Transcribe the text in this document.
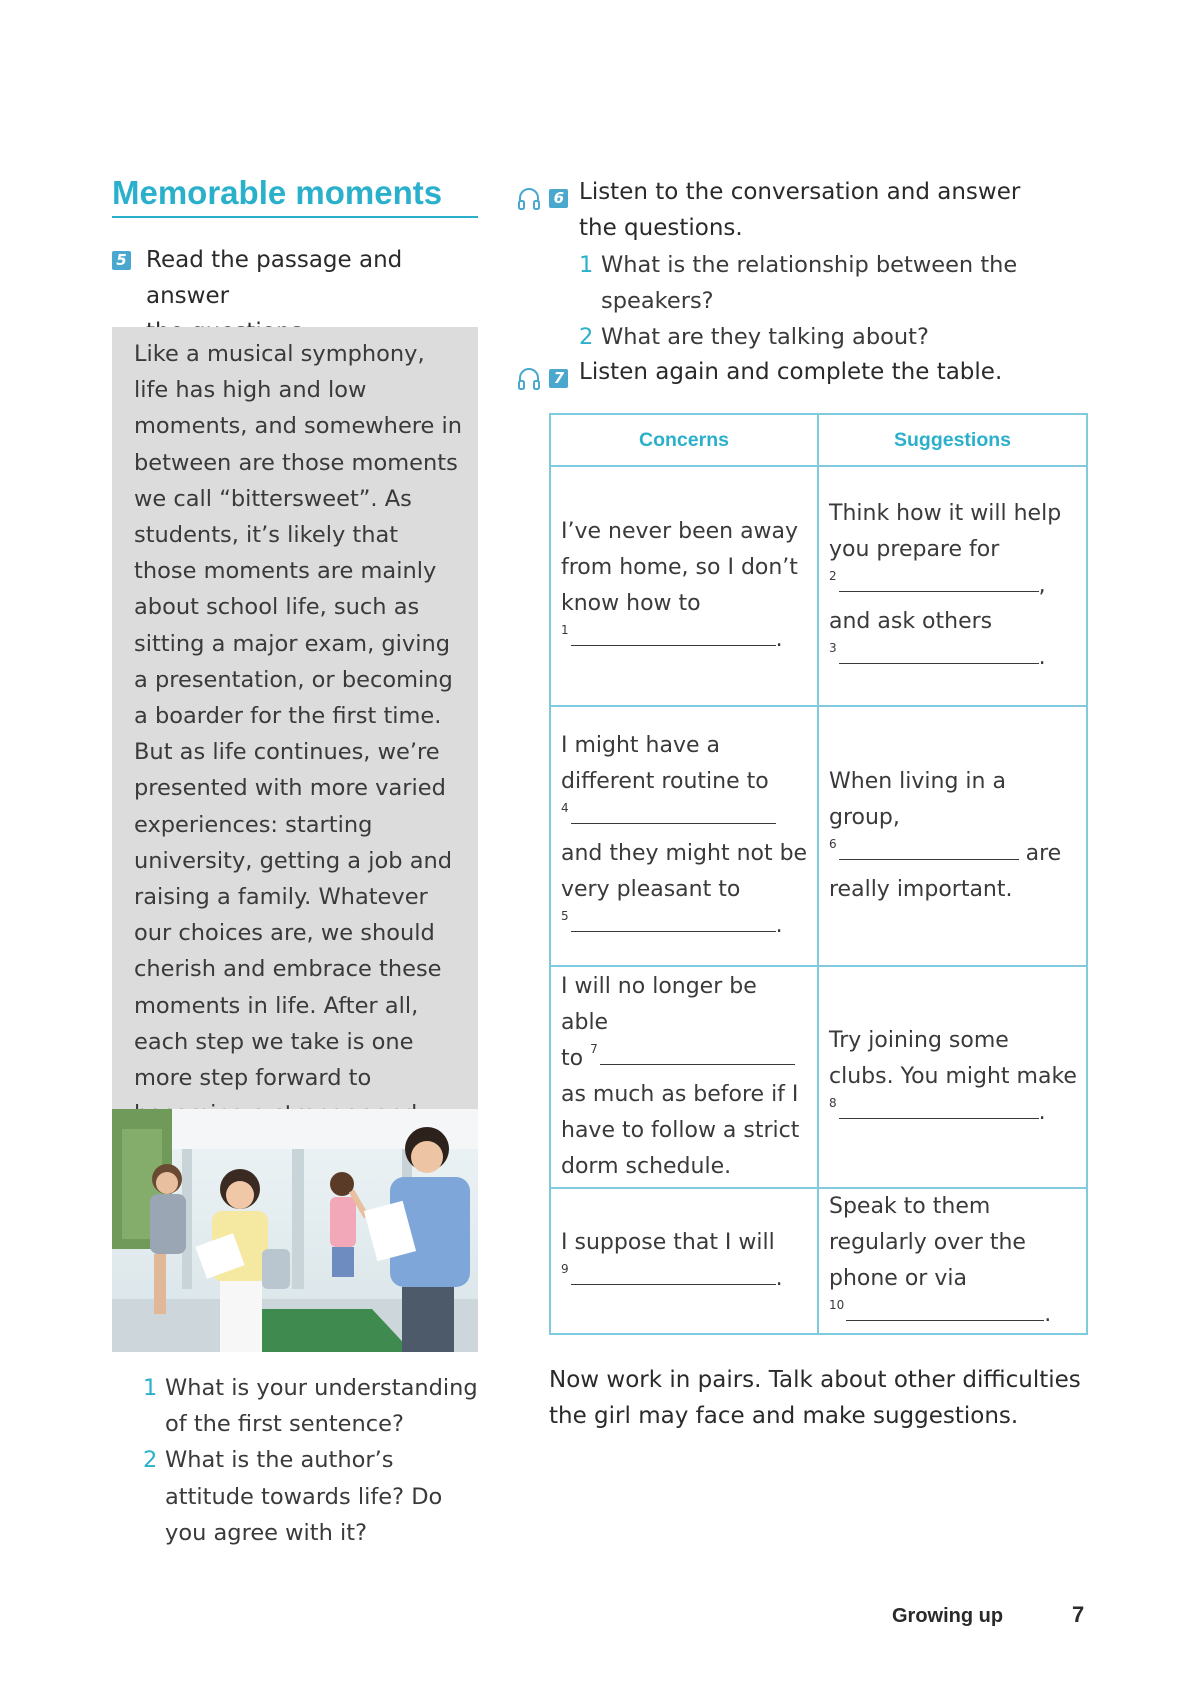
Memorable moments
5 Read the passage and answer

Like a musical symphony, life has high and low moments, and somewhere in between are those moments we call “bittersweet”. As students, it’s likely that those moments are mainly about school life, such as sitting a major exam, giving a presentation, or becoming a boarder for the first time. But as life continues, we’re presented with more varied experiences: starting university, getting a job and raising a family. Whatever our choices are, we should cherish and embrace these moments in life. After all, each step we take is one more step forward to

1 What is your understanding of the first sentence?
2 What is the author’s attitude towards life? Do you agree with it?
6 Listen to the conversation and answer
the questions.
1 What is the relationship between the speakers?
2 What are they talking about?
7 Listen again and complete the table.
Concerns	Suggestions
I’ve never been away from home, so I don’t know how to
$^1$ .	Think how it will help you prepare for
$^2$ ,
and ask others
$^3$ .

I might have a different routine to
$^4$
and they might not be very pleasant to
$^5$ .	When living in a group,
$^6$ are
really important.

I will no longer be able
to $^7$
as much as before if I have to follow a strict dorm schedule.	Try joining some clubs. You might make
$^8$ .

I suppose that I will
$^9$ .	Speak to them regularly over the phone or via
$^{10}$ .

Now work in pairs. Talk about other difficulties the girl may face and make suggestions.

Growing up	7
